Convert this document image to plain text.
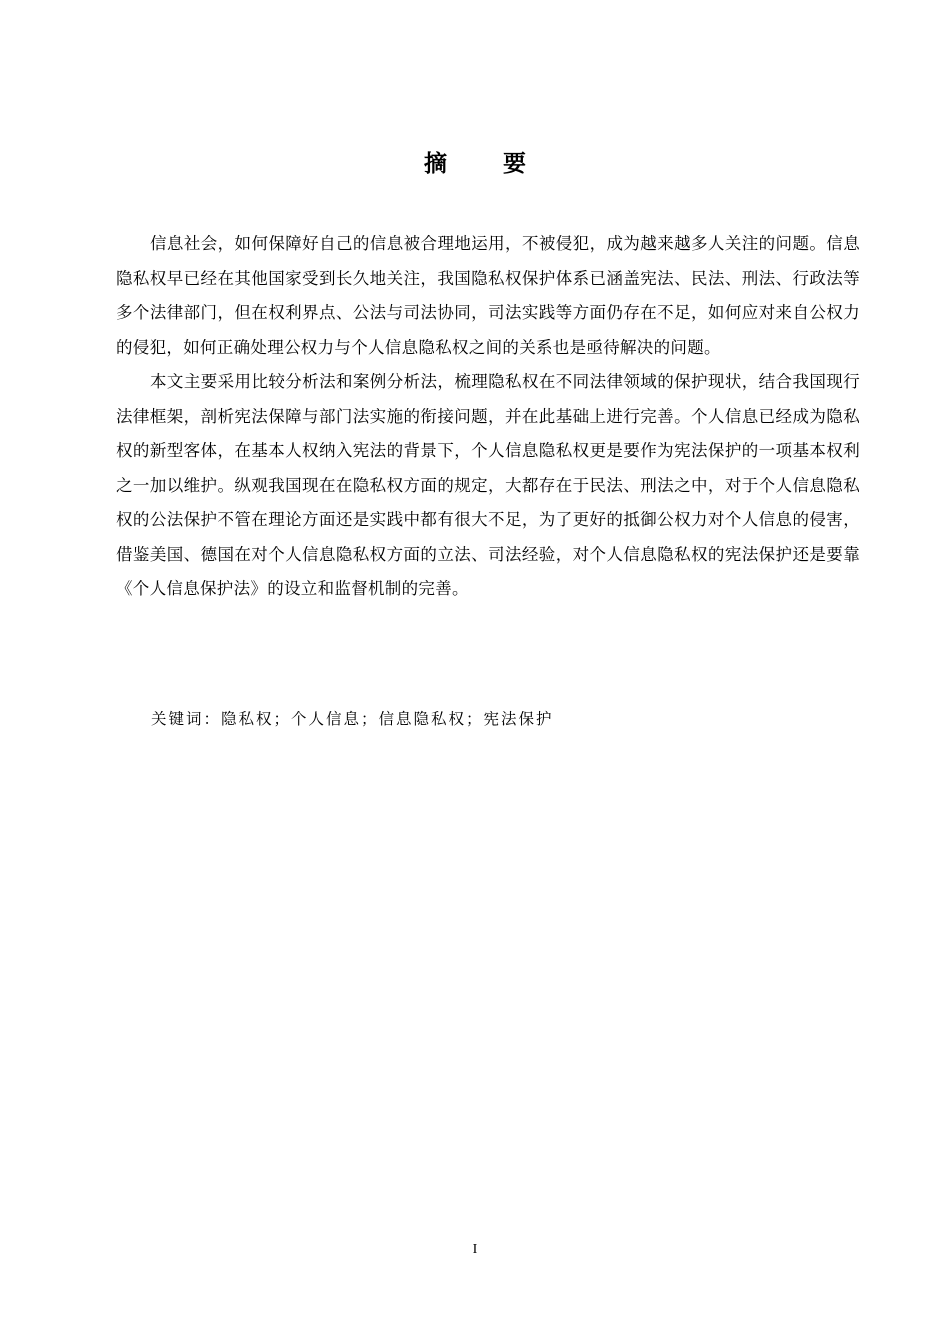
摘 要

信息社会，如何保障好自己的信息被合理地运用，不被侵犯，成为越来越多人关注的问题。信息隐私权早已经在其他国家受到长久地关注，我国隐私权保护体系已涵盖宪法、民法、刑法、行政法等多个法律部门，但在权利界点、公法与司法协同，司法实践等方面仍存在不足，如何应对来自公权力的侵犯，如何正确处理公权力与个人信息隐私权之间的关系也是亟待解决的问题。

本文主要采用比较分析法和案例分析法，梳理隐私权在不同法律领域的保护现状，结合我国现行法律框架，剖析宪法保障与部门法实施的衔接问题，并在此基础上进行完善。个人信息已经成为隐私权的新型客体，在基本人权纳入宪法的背景下，个人信息隐私权更是要作为宪法保护的一项基本权利之一加以维护。纵观我国现在在隐私权方面的规定，大都存在于民法、刑法之中，对于个人信息隐私权的公法保护不管在理论方面还是实践中都有很大不足，为了更好的抵御公权力对个人信息的侵害，借鉴美国、德国在对个人信息隐私权方面的立法、司法经验，对个人信息隐私权的宪法保护还是要靠《个人信息保护法》的设立和监督机制的完善。

关键词：隐私权；个人信息；信息隐私权；宪法保护
I
